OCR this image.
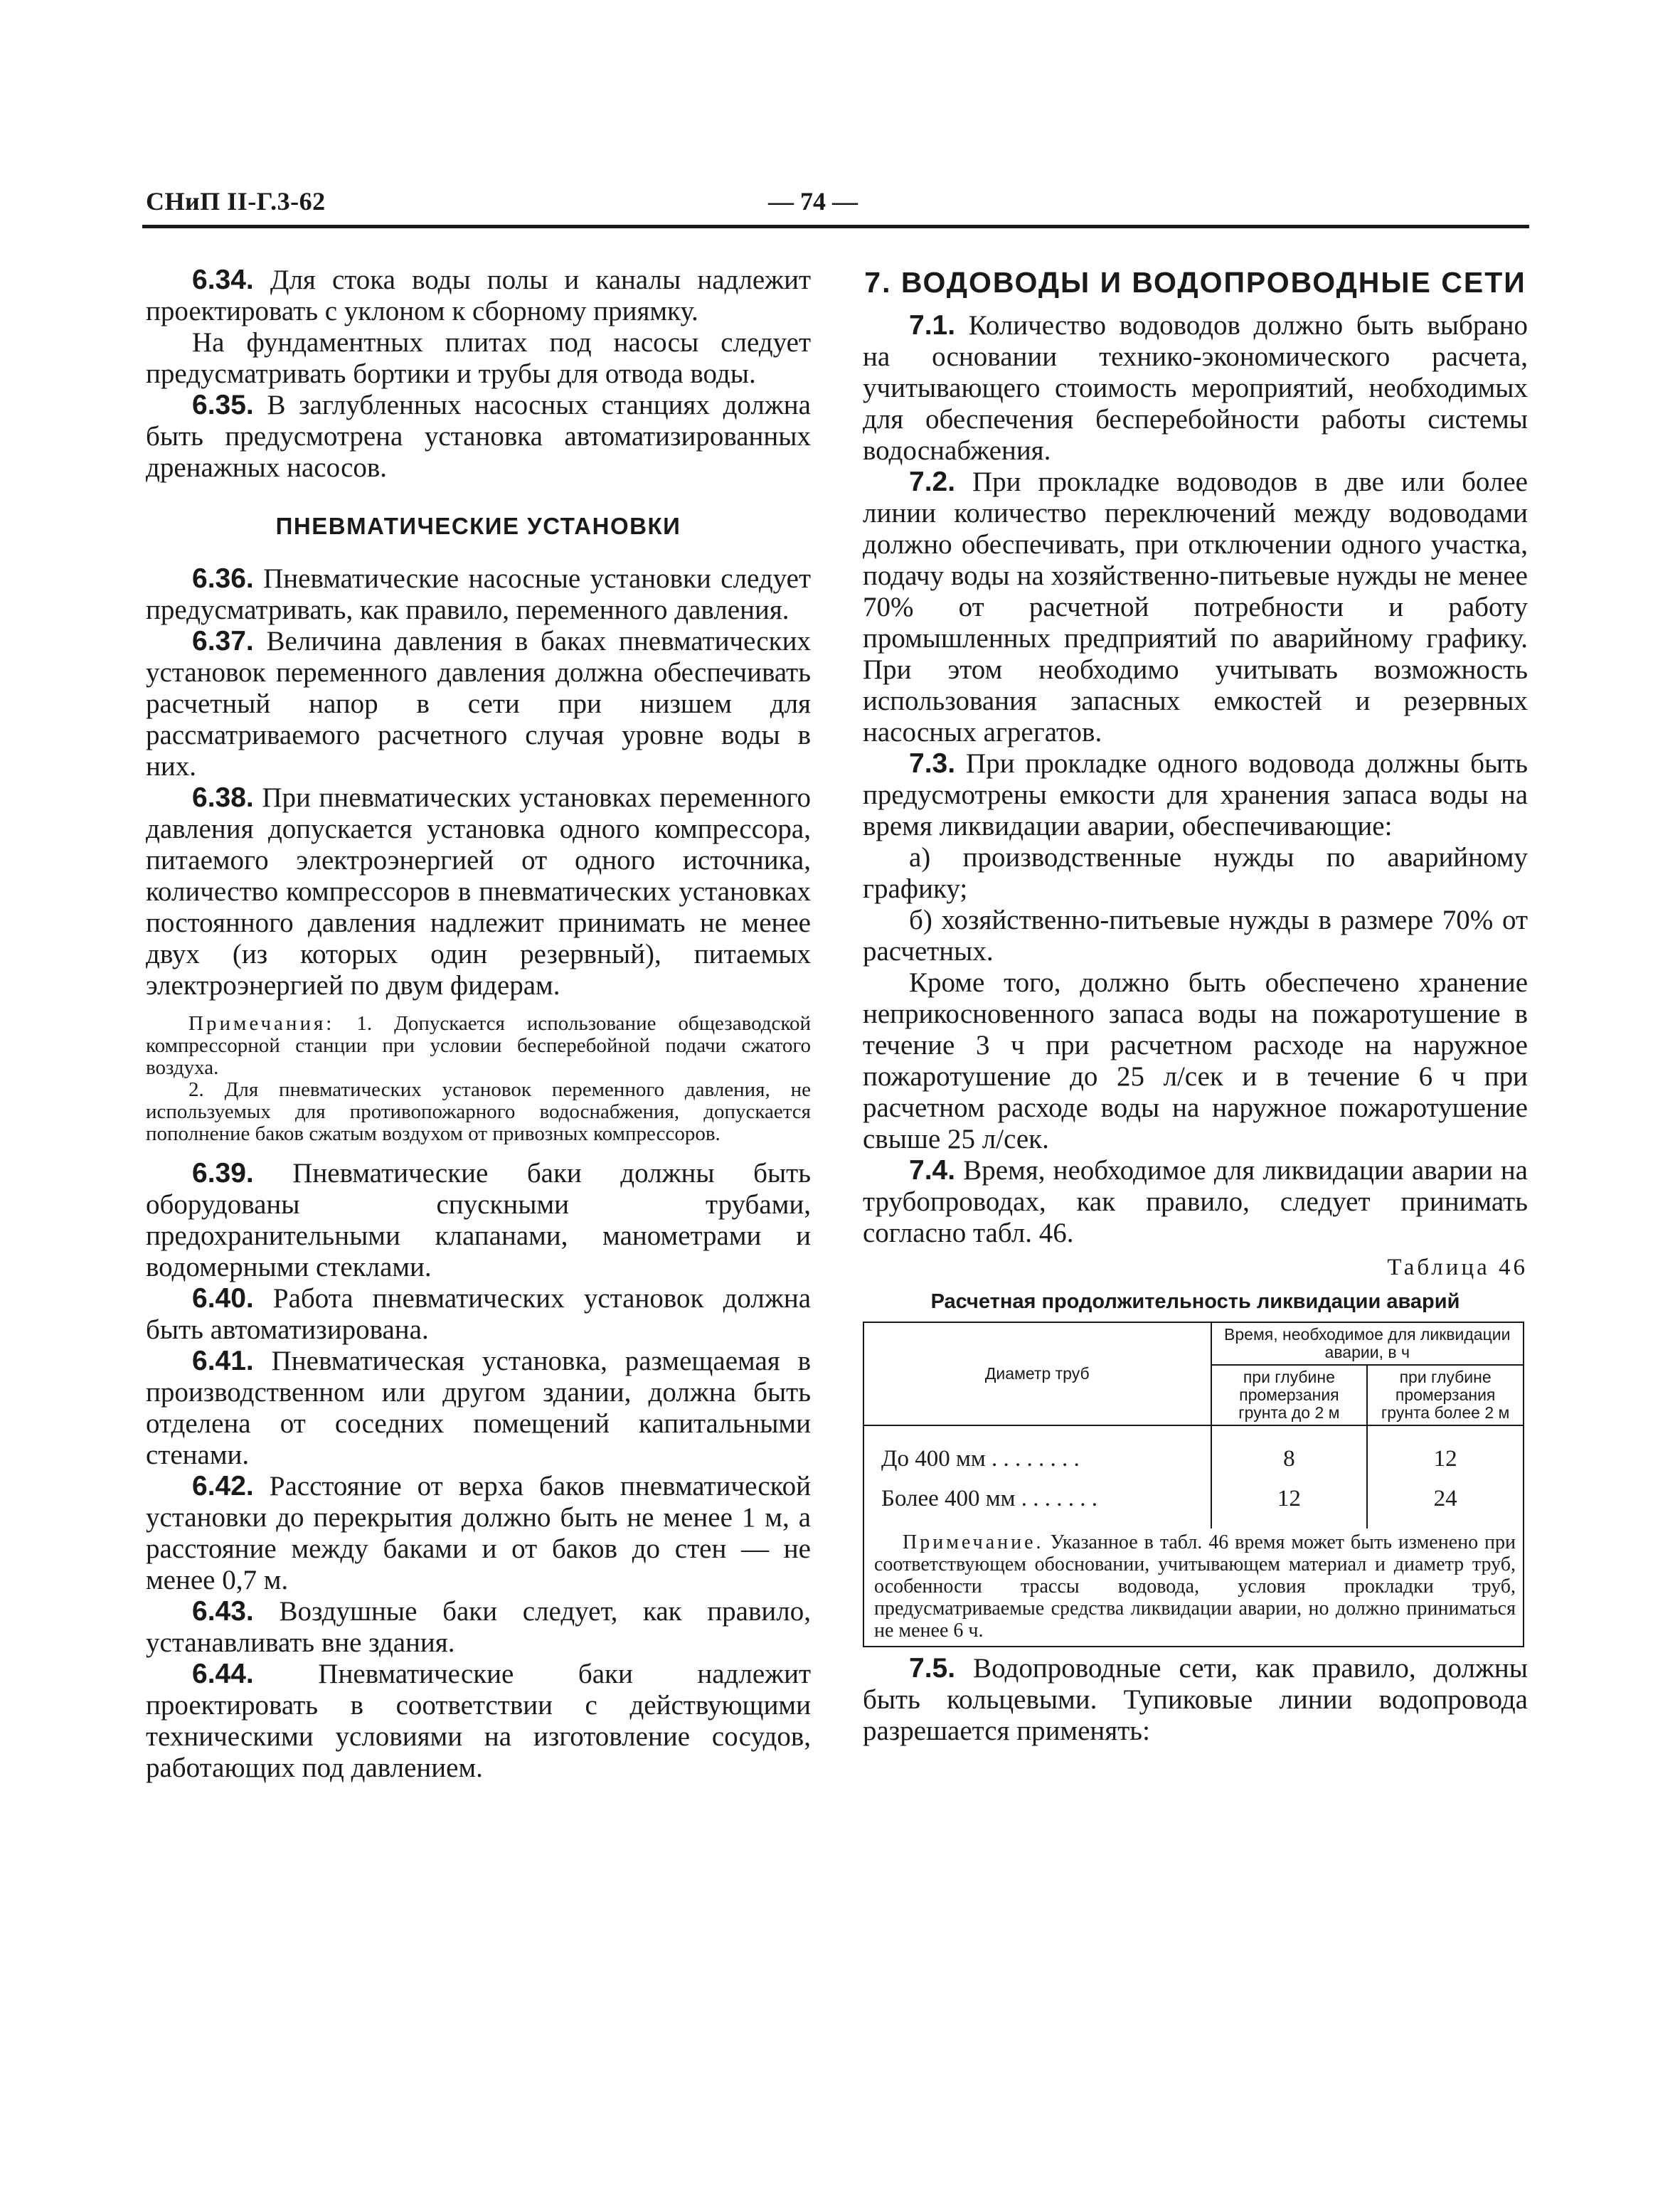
СНиП II-Г.3-62	— 74 —

6.34. Для стока воды полы и каналы надлежит проектировать с уклоном к сборному приямку.

На фундаментных плитах под насосы следует предусматривать бортики и трубы для отвода воды.

6.35. В заглубленных насосных станциях должна быть предусмотрена установка автоматизированных дренажных насосов.

ПНЕВМАТИЧЕСКИЕ УСТАНОВКИ

6.36. Пневматические насосные установки следует предусматривать, как правило, переменного давления.

6.37. Величина давления в баках пневматических установок переменного давления должна обеспечивать расчетный напор в сети при низшем для рассматриваемого расчетного случая уровне воды в них.

6.38. При пневматических установках переменного давления допускается установка одного компрессора, питаемого электроэнергией от одного источника, количество компрессоров в пневматических установках постоянного давления надлежит принимать не менее двух (из которых один резервный), питаемых электроэнергией по двум фидерам.

Примечания: 1. Допускается использование общезаводской компрессорной станции при условии бесперебойной подачи сжатого воздуха.

2. Для пневматических установок переменного давления, не используемых для противопожарного водоснабжения, допускается пополнение баков сжатым воздухом от привозных компрессоров.

6.39. Пневматические баки должны быть оборудованы спускными трубами, предохранительными клапанами, манометрами и водомерными стеклами.

6.40. Работа пневматических установок должна быть автоматизирована.

6.41. Пневматическая установка, размещаемая в производственном или другом здании, должна быть отделена от соседних помещений капитальными стенами.

6.42. Расстояние от верха баков пневматической установки до перекрытия должно быть не менее 1 м, а расстояние между баками и от баков до стен — не менее 0,7 м.

6.43. Воздушные баки следует, как правило, устанавливать вне здания.

6.44. Пневматические баки надлежит проектировать в соответствии с действующими техническими условиями на изготовление сосудов, работающих под давлением.

7. ВОДОВОДЫ И ВОДОПРОВОДНЫЕ СЕТИ

7.1. Количество водоводов должно быть выбрано на основании технико-экономического расчета, учитывающего стоимость мероприятий, необходимых для обеспечения бесперебойности работы системы водоснабжения.

7.2. При прокладке водоводов в две или более линии количество переключений между водоводами должно обеспечивать, при отключении одного участка, подачу воды на хозяйственно-питьевые нужды не менее 70% от расчетной потребности и работу промышленных предприятий по аварийному графику. При этом необходимо учитывать возможность использования запасных емкостей и резервных насосных агрегатов.

7.3. При прокладке одного водовода должны быть предусмотрены емкости для хранения запаса воды на время ликвидации аварии, обеспечивающие:

а) производственные нужды по аварийному графику;

б) хозяйственно-питьевые нужды в размере 70% от расчетных.

Кроме того, должно быть обеспечено хранение неприкосновенного запаса воды на пожаротушение в течение 3 ч при расчетном расходе на наружное пожаротушение до 25 л/сек и в течение 6 ч при расчетном расходе воды на наружное пожаротушение свыше 25 л/сек.

7.4. Время, необходимое для ликвидации аварии на трубопроводах, как правило, следует принимать согласно табл. 46.

Таблица 46
Расчетная продолжительность ликвидации аварий
Диаметр труб	Время, необходимое для ликвидации аварии, в ч	
	при глубине промерзания грунта до 2 м	при глубине промерзания грунта более 2 м
До 400 мм . . . . . . . .	8	12
Более 400 мм . . . . . . .	12	24

Примечание. Указанное в табл. 46 время может быть изменено при соответствующем обосновании, учитывающем материал и диаметр труб, особенности трассы водовода, условия прокладки труб, предусматриваемые средства ликвидации аварии, но должно приниматься не менее 6 ч.

7.5. Водопроводные сети, как правило, должны быть кольцевыми. Тупиковые линии водопровода разрешается применять:
